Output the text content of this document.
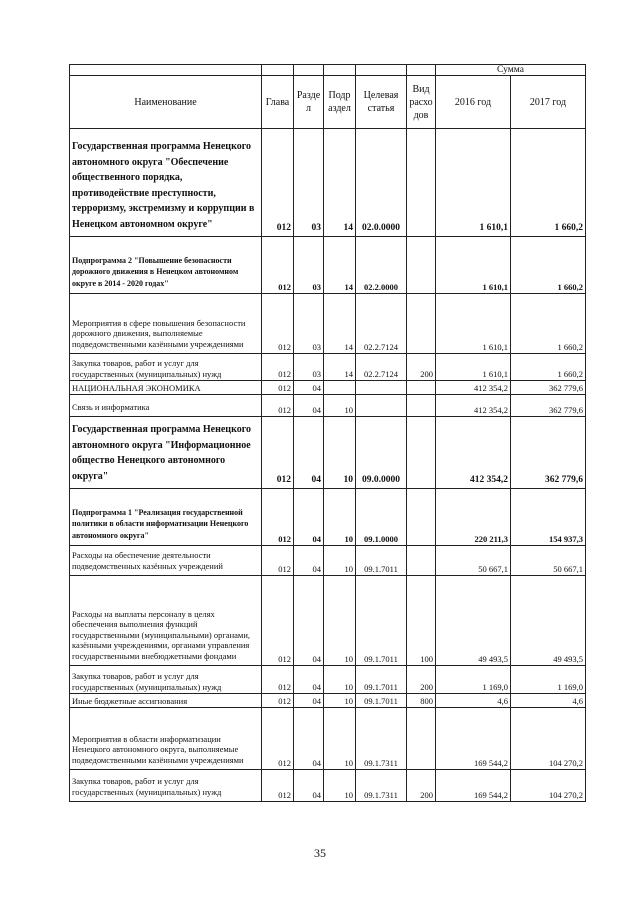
						Сумма	
Наименование	Глава	Разде л	Подр аздел	Целевая статья	Вид расхо дов	2016 год	2017 год

Государственная программа Ненецкого автономного округа "Обеспечение общественного порядка, противодействие преступности, терроризму, экстремизму и коррупции в Ненецком автономном округе"	012	03	14	02.0.0000		1 610,1	1 660,2

Подпрограмма 2 "Повышение безопасности дорожного движения в Ненецком автономном округе в 2014 - 2020 годах"	012	03	14	02.2.0000		1 610,1	1 660,2

Мероприятия в сфере повышения безопасности дорожного движения, выполняемые подведомственными казёнными учреждениями	012	03	14	02.2.7124		1 610,1	1 660,2

Закупка товаров, работ и услуг для государственных (муниципальных) нужд	012	03	14	02.2.7124	200	1 610,1	1 660,2

НАЦИОНАЛЬНАЯ ЭКОНОМИКА	012	04				412 354,2	362 779,6

Связь и информатика	012	04	10			412 354,2	362 779,6

Государственная программа Ненецкого автономного округа "Информационное общество Ненецкого автономного округа"	012	04	10	09.0.0000		412 354,2	362 779,6

Подпрограмма 1 "Реализация государственной политики в области информатизации Ненецкого автономного округа"	012	04	10	09.1.0000		220 211,3	154 937,3

Расходы на обеспечение деятельности подведомственных казённых учреждений	012	04	10	09.1.7011		50 667,1	50 667,1

Расходы на выплаты персоналу в целях обеспечения выполнения функций государственными (муниципальными) органами, казёнными учреждениями, органами управления государственными внебюджетными фондами	012	04	10	09.1.7011	100	49 493,5	49 493,5

Закупка товаров, работ и услуг для государственных (муниципальных) нужд	012	04	10	09.1.7011	200	1 169,0	1 169,0

Иные бюджетные ассигнования	012	04	10	09.1.7011	800	4,6	4,6

Мероприятия в области информатизации Ненецкого автономного округа, выполняемые подведомственными казёнными учреждениями	012	04	10	09.1.7311		169 544,2	104 270,2

Закупка товаров, работ и услуг для государственных (муниципальных) нужд	012	04	10	09.1.7311	200	169 544,2	104 270,2
35
